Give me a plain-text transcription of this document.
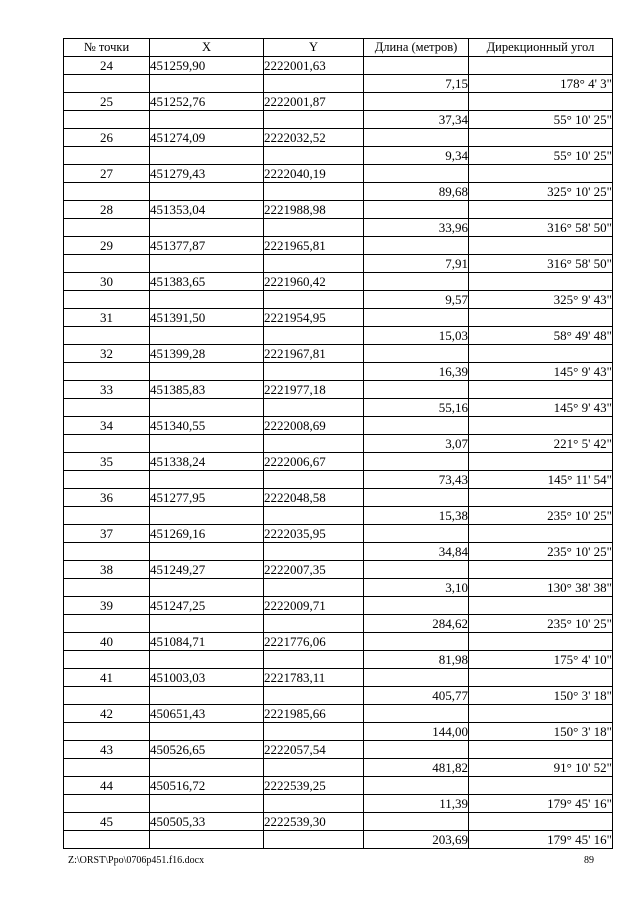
№ точки	X	Y	Длина (метров)	Дирекционный угол
24	451259,90	2222001,63		
			7,15	178° 4' 3"
25	451252,76	2222001,87		
			37,34	55° 10' 25"
26	451274,09	2222032,52		
			9,34	55° 10' 25"
27	451279,43	2222040,19		
			89,68	325° 10' 25"
28	451353,04	2221988,98		
			33,96	316° 58' 50"
29	451377,87	2221965,81		
			7,91	316° 58' 50"
30	451383,65	2221960,42		
			9,57	325° 9' 43"
31	451391,50	2221954,95		
			15,03	58° 49' 48"
32	451399,28	2221967,81		
			16,39	145° 9' 43"
33	451385,83	2221977,18		
			55,16	145° 9' 43"
34	451340,55	2222008,69		
			3,07	221° 5' 42"
35	451338,24	2222006,67		
			73,43	145° 11' 54"
36	451277,95	2222048,58		
			15,38	235° 10' 25"
37	451269,16	2222035,95		
			34,84	235° 10' 25"
38	451249,27	2222007,35		
			3,10	130° 38' 38"
39	451247,25	2222009,71		
			284,62	235° 10' 25"
40	451084,71	2221776,06		
			81,98	175° 4' 10"
41	451003,03	2221783,11		
			405,77	150° 3' 18"
42	450651,43	2221985,66		
			144,00	150° 3' 18"
43	450526,65	2222057,54		
			481,82	91° 10' 52"
44	450516,72	2222539,25		
			11,39	179° 45' 16"
45	450505,33	2222539,30		
			203,69	179° 45' 16"
Z:\ORST\Ppo\0706p451.f16.docx	89
